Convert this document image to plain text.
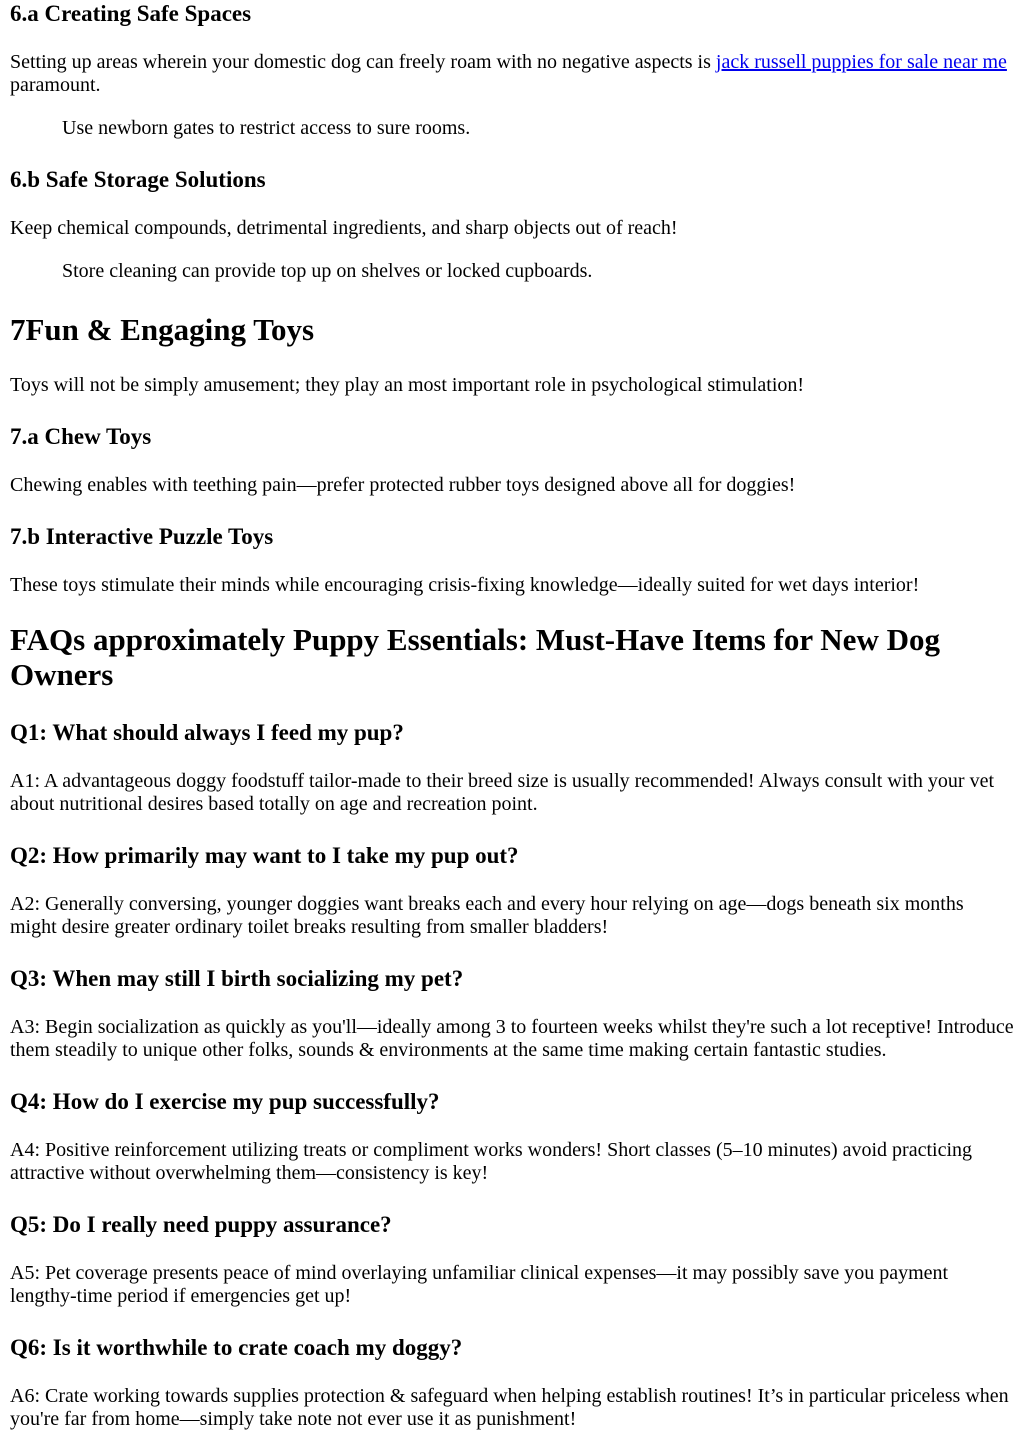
6.a Creating Safe Spaces

Setting up areas wherein your domestic dog can freely roam with no negative aspects is jack russell puppies for sale near me paramount.

Use newborn gates to restrict access to sure rooms.

6.b Safe Storage Solutions

Keep chemical compounds, detrimental ingredients, and sharp objects out of reach!

Store cleaning can provide top up on shelves or locked cupboards.

7Fun & Engaging Toys

Toys will not be simply amusement; they play an most important role in psychological stimulation!

7.a Chew Toys

Chewing enables with teething pain—prefer protected rubber toys designed above all for doggies!

7.b Interactive Puzzle Toys

These toys stimulate their minds while encouraging crisis-fixing knowledge—ideally suited for wet days interior!

FAQs approximately Puppy Essentials: Must-Have Items for New Dog Owners
Q1: What should always I feed my pup?

A1: A advantageous doggy foodstuff tailor-made to their breed size is usually recommended! Always consult with your vet about nutritional desires based totally on age and recreation point.

Q2: How primarily may want to I take my pup out?

A2: Generally conversing, younger doggies want breaks each and every hour relying on age—dogs beneath six months might desire greater ordinary toilet breaks resulting from smaller bladders!

Q3: When may still I birth socializing my pet?

A3: Begin socialization as quickly as you'll—ideally among 3 to fourteen weeks whilst they're such a lot receptive! Introduce them steadily to unique other folks, sounds & environments at the same time making certain fantastic studies.

Q4: How do I exercise my pup successfully?

A4: Positive reinforcement utilizing treats or compliment works wonders! Short classes (5–10 minutes) avoid practicing attractive without overwhelming them—consistency is key!

Q5: Do I really need puppy assurance?

A5: Pet coverage presents peace of mind overlaying unfamiliar clinical expenses—it may possibly save you payment lengthy-time period if emergencies get up!

Q6: Is it worthwhile to crate coach my doggy?

A6: Crate working towards supplies protection & safeguard when helping establish routines! It’s in particular priceless when you're far from home—simply take note not ever use it as punishment!
